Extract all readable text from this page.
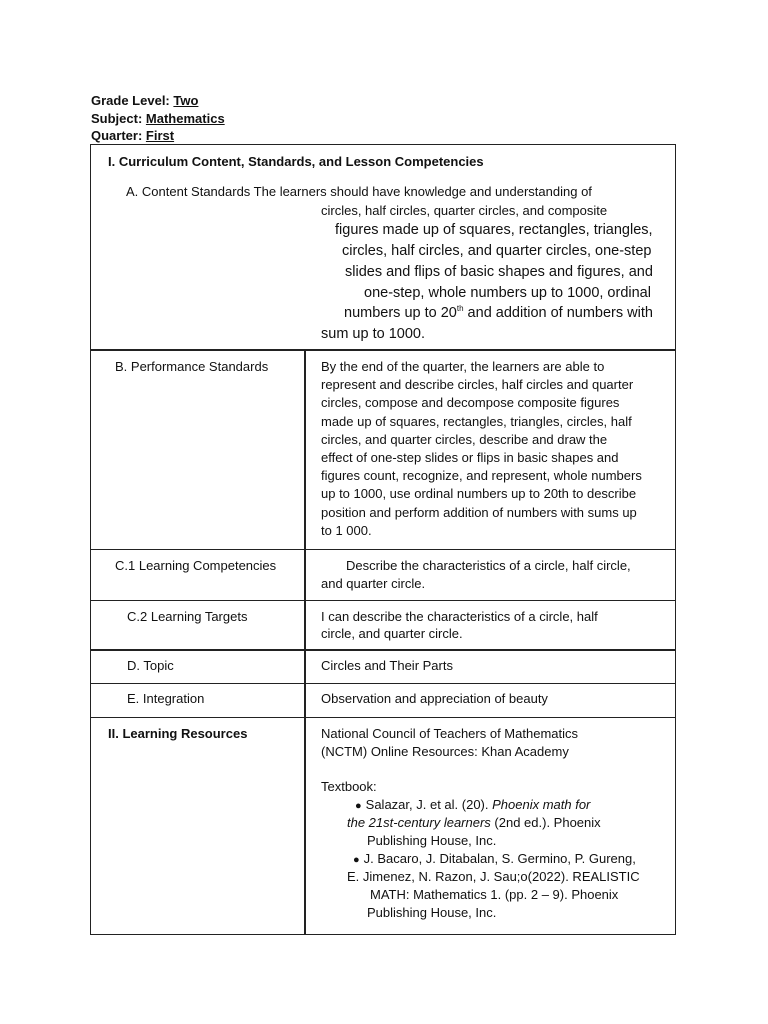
Grade Level: Two
Subject: Mathematics
Quarter: First
I. Curriculum Content, Standards, and Lesson Competencies
A. Content Standards The learners should have knowledge and understanding of
circles, half circles, quarter circles, and composite
figures made up of squares, rectangles, triangles,
circles, half circles, and quarter circles, one-step
slides and flips of basic shapes and figures, and
one-step, whole numbers up to 1000, ordinal
numbers up to 20th and addition of numbers with
sum up to 1000.
B. Performance Standards	By the end of the quarter, the learners are able to
represent and describe circles, half circles and quarter
circles, compose and decompose composite figures
made up of squares, rectangles, triangles, circles, half
circles, and quarter circles, describe and draw the
effect of one-step slides or flips in basic shapes and
figures count, recognize, and represent, whole numbers
up to 1000, use ordinal numbers up to 20th to describe
position and perform addition of numbers with sums up
to 1 000.
C.1 Learning Competencies	Describe the characteristics of a circle, half circle,
and quarter circle.
C.2 Learning Targets	I can describe the characteristics of a circle, half
circle, and quarter circle.
D. Topic	Circles and Their Parts
E. Integration	Observation and appreciation of beauty
II. Learning Resources	National Council of Teachers of Mathematics
(NCTM) Online Resources: Khan Academy
Textbook:
● Salazar, J. et al. (20). Phoenix math for
the 21st-century learners (2nd ed.). Phoenix
Publishing House, Inc.
● J. Bacaro, J. Ditabalan, S. Germino, P. Gureng,
E. Jimenez, N. Razon, J. Sau;o(2022). REALISTIC
MATH: Mathematics 1. (pp. 2 – 9). Phoenix
Publishing House, Inc.
